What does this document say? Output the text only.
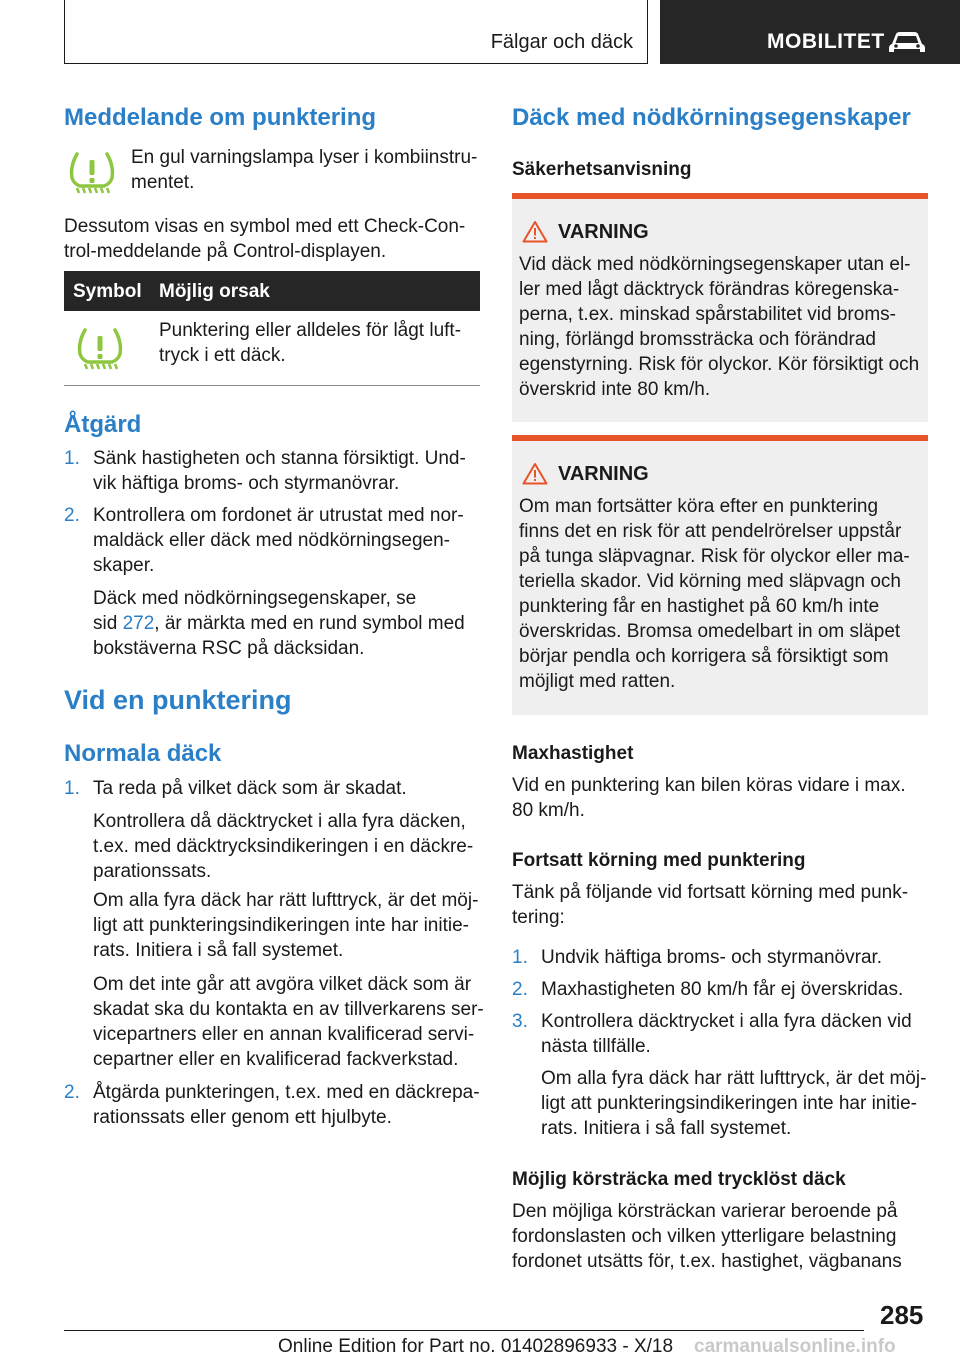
Fälgar och däck	MOBILITET
Meddelande om punktering
En gul varningslampa lyser i kombiinstru-
mentet.
Dessutom visas en symbol med ett Check-Con-
trol-meddelande på Control-displayen.
Symbol Möjlig orsak
Punktering eller alldeles för lågt luft-
tryck i ett däck.
Åtgärd
1. Sänk hastigheten och stanna försiktigt. Und-
vik häftiga broms- och styrmanövrar.
2. Kontrollera om fordonet är utrustat med nor-
maldäck eller däck med nödkörningsegen-
skaper.
Däck med nödkörningsegenskaper, se
sid 272, är märkta med en rund symbol med
bokstäverna RSC på däcksidan.
Vid en punktering
Normala däck
1. Ta reda på vilket däck som är skadat.
Kontrollera då däcktrycket i alla fyra däcken,
t.ex. med däcktrycksindikeringen i en däckre-
parationssats.
Om alla fyra däck har rätt lufttryck, är det möj-
ligt att punkteringsindikeringen inte har initie-
rats. Initiera i så fall systemet.
Om det inte går att avgöra vilket däck som är
skadat ska du kontakta en av tillverkarens ser-
vicepartners eller en annan kvalificerad servi-
cepartner eller en kvalificerad fackverkstad.
2. Åtgärda punkteringen, t.ex. med en däckrepa-
rationssats eller genom ett hjulbyte.
Däck med nödkörningsegenskaper
Säkerhetsanvisning
VARNING
Vid däck med nödkörningsegenskaper utan el-
ler med lågt däcktryck förändras köregenska-
perna, t.ex. minskad spårstabilitet vid broms-
ning, förlängd bromssträcka och förändrad
egenstyrning. Risk för olyckor. Kör försiktigt och
överskrid inte 80 km/h.
VARNING
Om man fortsätter köra efter en punktering
finns det en risk för att pendelrörelser uppstår
på tunga släpvagnar. Risk för olyckor eller ma-
teriella skador. Vid körning med släpvagn och
punktering får en hastighet på 60 km/h inte
överskridas. Bromsa omedelbart in om släpet
börjar pendla och korrigera så försiktigt som
möjligt med ratten.
Maxhastighet
Vid en punktering kan bilen köras vidare i max.
80 km/h.
Fortsatt körning med punktering
Tänk på följande vid fortsatt körning med punk-
tering:
1. Undvik häftiga broms- och styrmanövrar.
2. Maxhastigheten 80 km/h får ej överskridas.
3. Kontrollera däcktrycket i alla fyra däcken vid
nästa tillfälle.
Om alla fyra däck har rätt lufttryck, är det möj-
ligt att punkteringsindikeringen inte har initie-
rats. Initiera i så fall systemet.
Möjlig körsträcka med trycklöst däck
Den möjliga körsträckan varierar beroende på
fordonslasten och vilken ytterligare belastning
fordonet utsätts för, t.ex. hastighet, vägbanans
285
Online Edition for Part no. 01402896933 - X/18 carmanualsonline.info
